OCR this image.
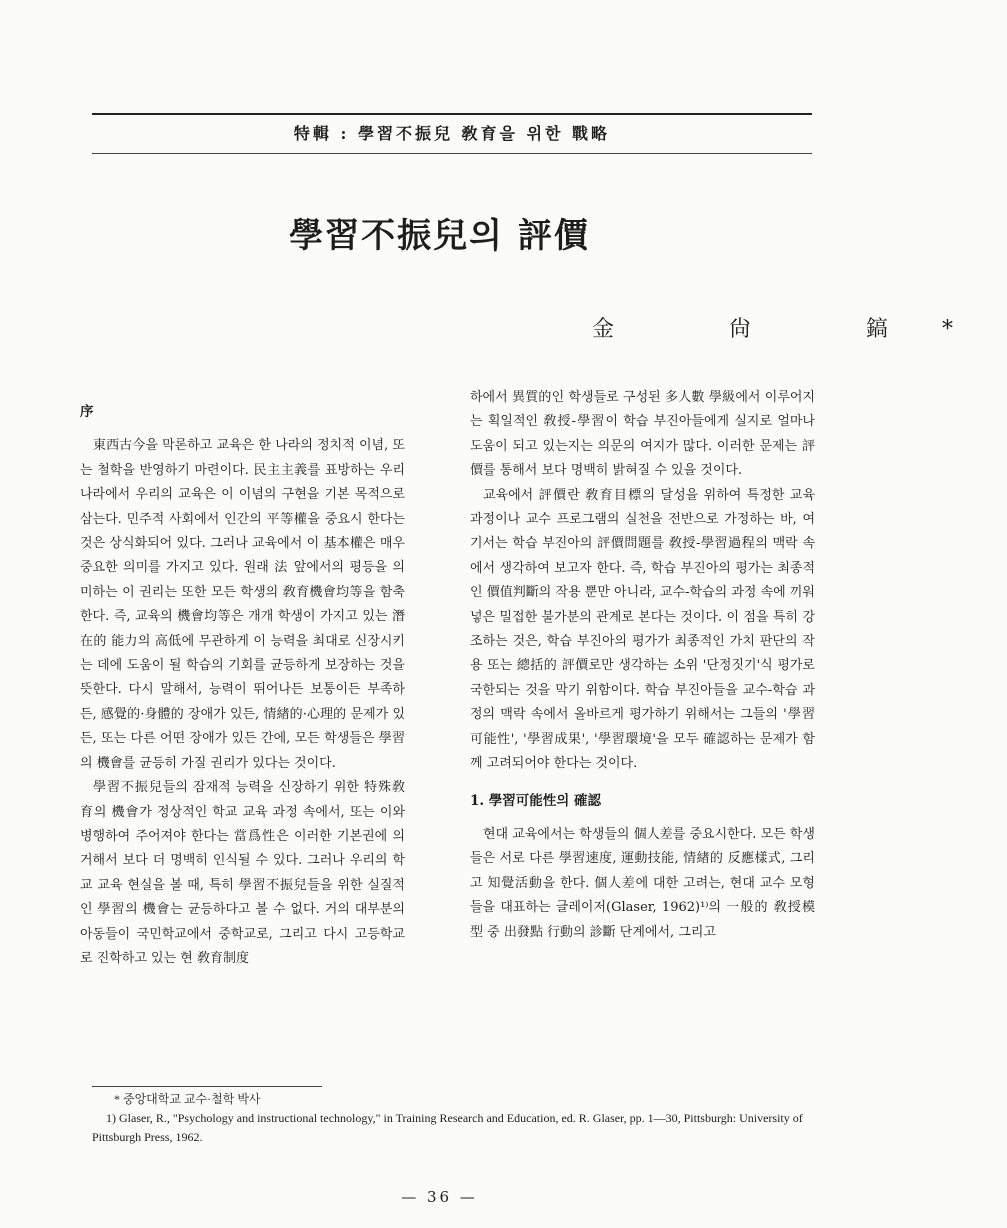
特輯 : 學習不振兒 敎育을 위한 戰略
學習不振兒의 評價
金 尙 鎬*
序

東西古今을 막론하고 교육은 한 나라의 정치적 이념, 또는 철학을 반영하기 마련이다. 民主主義를 표방하는 우리 나라에서 우리의 교육은 이 이념의 구현을 기본 목적으로 삼는다. 민주적 사회에서 인간의 平等權을 중요시 한다는 것은 상식화되어 있다. 그러나 교육에서 이 基本權은 매우 중요한 의미를 가지고 있다. 원래 法 앞에서의 평등을 의미하는 이 권리는 또한 모든 학생의 敎育機會均等을 함축한다. 즉, 교육의 機會均等은 개개 학생이 가지고 있는 潛在的 能力의 高低에 무관하게 이 능력을 최대로 신장시키는 데에 도움이 될 학습의 기회를 균등하게 보장하는 것을 뜻한다. 다시 말해서, 능력이 뛰어나든 보통이든 부족하든, 感覺的·身體的 장애가 있든, 情緖的·心理的 문제가 있든, 또는 다른 어떤 장애가 있든 간에, 모든 학생들은 學習의 機會를 균등히 가질 권리가 있다는 것이다.

學習不振兒들의 잠재적 능력을 신장하기 위한 特殊敎育의 機會가 정상적인 학교 교육 과정 속에서, 또는 이와 병행하여 주어져야 한다는 當爲性은 이러한 기본권에 의거해서 보다 더 명백히 인식될 수 있다. 그러나 우리의 학교 교육 현실을 볼 때, 특히 學習不振兒들을 위한 실질적인 學習의 機會는 균등하다고 볼 수 없다. 거의 대부분의 아동들이 국민학교에서 중학교로, 그리고 다시 고등학교로 진학하고 있는 현 敎育制度

하에서 異質的인 학생들로 구성된 多人數 學級에서 이루어지는 획일적인 敎授-學習이 학습 부진아들에게 실지로 얼마나 도움이 되고 있는지는 의문의 여지가 많다. 이러한 문제는 評價를 통해서 보다 명백히 밝혀질 수 있을 것이다.

교육에서 評價란 敎育目標의 달성을 위하여 특정한 교육 과정이나 교수 프로그램의 실천을 전반으로 가정하는 바, 여기서는 학습 부진아의 評價問題를 敎授-學習過程의 맥락 속에서 생각하여 보고자 한다. 즉, 학습 부진아의 평가는 최종적인 價值判斷의 작용 뿐만 아니라, 교수-학습의 과정 속에 끼워 넣은 밀접한 불가분의 관계로 본다는 것이다. 이 점을 특히 강조하는 것은, 학습 부진아의 평가가 최종적인 가치 판단의 작용 또는 總括的 評價로만 생각하는 소위 '단정짓기'식 평가로 국한되는 것을 막기 위함이다. 학습 부진아들을 교수-학습 과정의 맥락 속에서 올바르게 평가하기 위해서는 그들의 '學習可能性', '學習成果', '學習環境'을 모두 確認하는 문제가 함께 고려되어야 한다는 것이다.

1. 學習可能性의 確認

현대 교육에서는 학생들의 個人差를 중요시한다. 모든 학생들은 서로 다른 學習速度, 運動技能, 情緖的 反應樣式, 그리고 知覺活動을 한다. 個人差에 대한 고려는, 현대 교수 모형들을 대표하는 글레이저(Glaser, 1962)¹⁾의 一般的 敎授模型 중 出發點 行動의 診斷 단계에서, 그리고

* 중앙대학교 교수·철학 박사
1) Glaser, R., "Psychology and instructional technology," in Training Research and Education, ed. R. Glaser, pp. 1—30, Pittsburgh: University of Pittsburgh Press, 1962.
— 36 —
